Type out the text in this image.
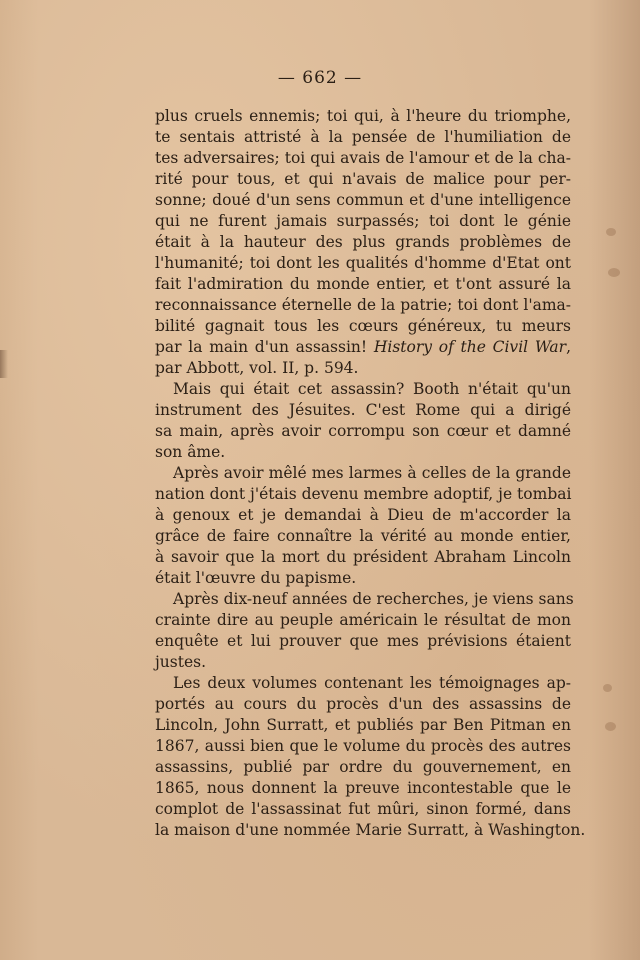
— 662 —
plus cruels ennemis; toi qui, à l'heure du triomphe,
te sentais attristé à la pensée de l'humiliation de
tes adversaires; toi qui avais de l'amour et de la cha-
rité pour tous, et qui n'avais de malice pour per-
sonne; doué d'un sens commun et d'une intelligence
qui ne furent jamais surpassés; toi dont le génie
était à la hauteur des plus grands problèmes de
l'humanité; toi dont les qualités d'homme d'Etat ont
fait l'admiration du monde entier, et t'ont assuré la
reconnaissance éternelle de la patrie; toi dont l'ama-
bilité gagnait tous les cœurs généreux, tu meurs
par la main d'un assassin! History of the Civil War,
par Abbott, vol. II, p. 594.
Mais qui était cet assassin? Booth n'était qu'un
instrument des Jésuites. C'est Rome qui a dirigé
sa main, après avoir corrompu son cœur et damné
son âme.
Après avoir mêlé mes larmes à celles de la grande
nation dont j'étais devenu membre adoptif, je tombai
à genoux et je demandai à Dieu de m'accorder la
grâce de faire connaître la vérité au monde entier,
à savoir que la mort du président Abraham Lincoln
était l'œuvre du papisme.
Après dix-neuf années de recherches, je viens sans
crainte dire au peuple américain le résultat de mon
enquête et lui prouver que mes prévisions étaient
justes.
Les deux volumes contenant les témoignages ap-
portés au cours du procès d'un des assassins de
Lincoln, John Surratt, et publiés par Ben Pitman en
1867, aussi bien que le volume du procès des autres
assassins, publié par ordre du gouvernement, en
1865, nous donnent la preuve incontestable que le
complot de l'assassinat fut mûri, sinon formé, dans
la maison d'une nommée Marie Surratt, à Washington.
